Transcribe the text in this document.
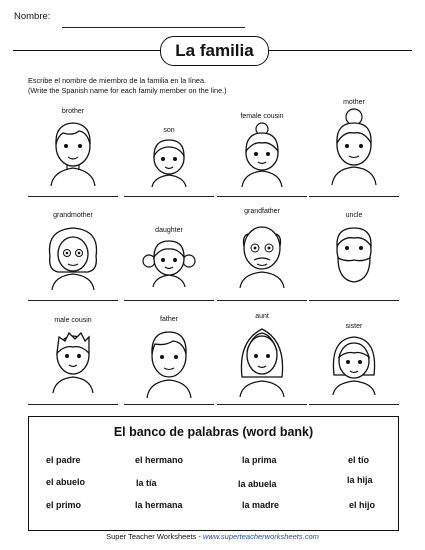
Nombre:
La familia
Escribe el nombre de miembro de la familia en la línea.
(Write the Spanish name for each family member on the line.)
brother
son
female cousin
mother
grandmother
daughter
grandfather
uncle
male cousin	father	aunt
sister
El banco de palabras (word bank)
el padre	el hermano	la prima	el tío
el abuelo	la tía	la abuela	la hija
el primo	la hermana	la madre	el hijo
Super Teacher Worksheets - www.superteacherworksheets.com
